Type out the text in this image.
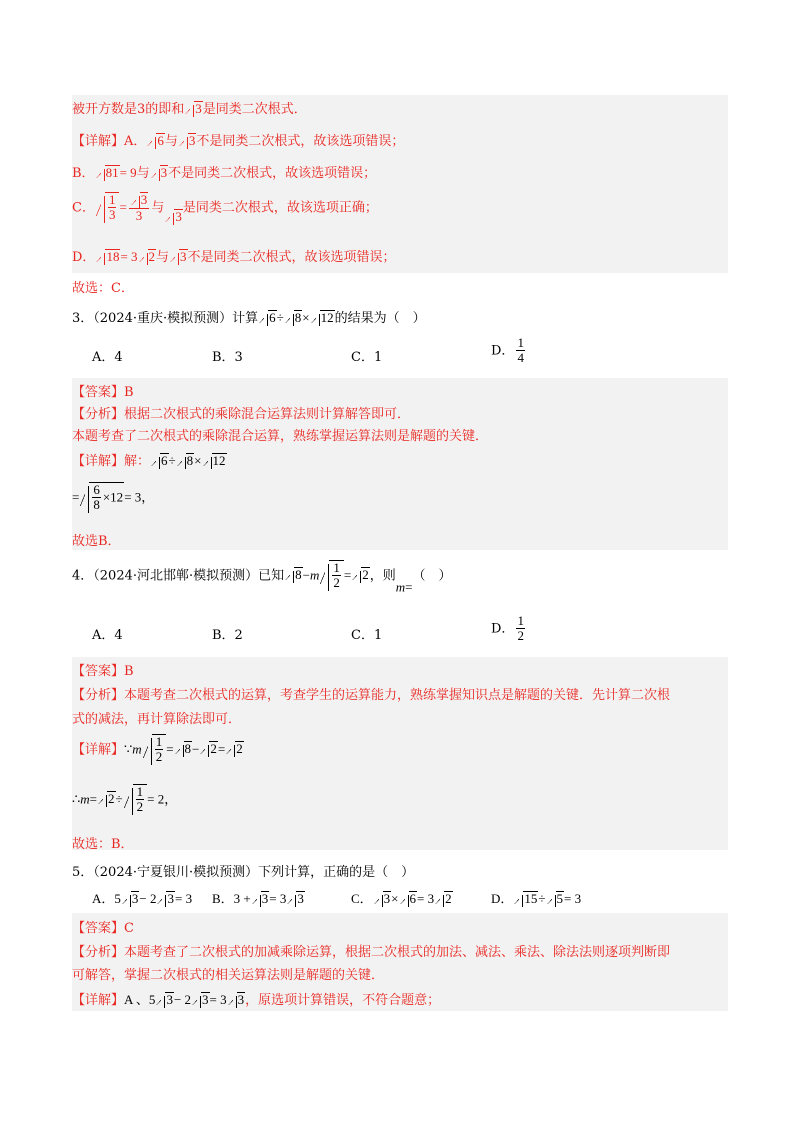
被开方数是3的即和 3是同类二次根式．
【详解】A． 6与 3不是同类二次根式，故该选项错误；
B． 81= 9与 3不是同类二次根式，故该选项错误；
C． $\frac{1}{3} = \frac{3}{3}$ 与3是同类二次根式，故该选项正确；
D． 18= 3 2与 3不是同类二次根式，故该选项错误；
故选：C．
3．（2024·重庆·模拟预测）计算 6÷ 8× 12的结果为（　）
A．4	B．3	C．1	D． $\frac{1}{4}$
【答案】B
【分析】根据二次根式的乘除混合运算法则计算解答即可．
本题考查了二次根式的乘除混合运算，熟练掌握运算法则是解题的关键．
【详解】解： 6÷ 8× 12
= $\frac{6}{8} \times 12= 3$，
故选B．
4．（2024·河北邯郸·模拟预测）已知 $8-m \frac{1}{2} = 2$，则m=（　）
A．4	B．2	C．1	D． $\frac{1}{2}$
【答案】B
【分析】本题考查二次根式的运算，考查学生的运算能力，熟练掌握知识点是解题的关键．先计算二次根
式的减法，再计算除法即可．
【详解】∵m $\frac{1}{2} = 8- 2= 2$
∴m= $2\div \frac{1}{2} = 2$，
故选：B．
5．（2024·宁夏银川·模拟预测）下列计算，正确的是（　）
A．5 3− 2 3= 3 B．3 + 3= 3 3	C． 3× 6= 3 2	D． 15÷ 5= 3
【答案】C
【分析】本题考查了二次根式的加减乘除运算，根据二次根式的加法、减法、乘法、除法法则逐项判断即
可解答，掌握二次根式的相关运算法则是解题的关键．
【详解】A 、5 3− 2 3= 3 3，原选项计算错误，不符合题意；
